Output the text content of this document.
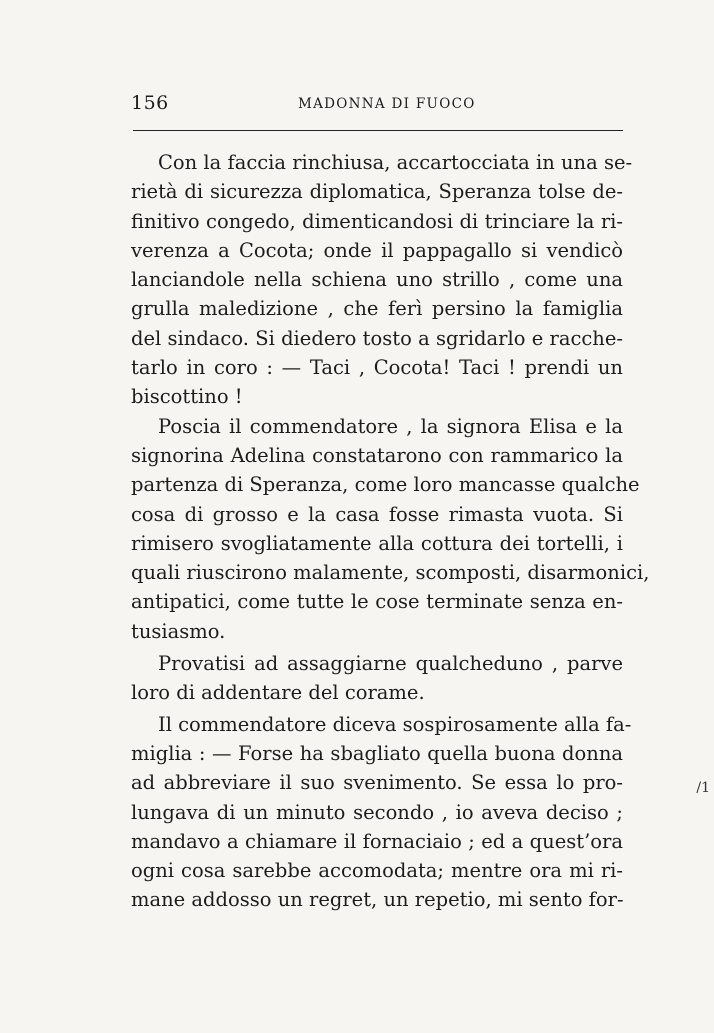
156	MADONNA DI FUOCO
Con la faccia rinchiusa, accartocciata in una se-
rietà di sicurezza diplomatica, Speranza tolse de-
finitivo congedo, dimenticandosi di trinciare la ri-
verenza a Cocota; onde il pappagallo si vendicò
lanciandole nella schiena uno strillo , come una
grulla maledizione , che ferì persino la famiglia
del sindaco. Si diedero tosto a sgridarlo e racche-
tarlo in coro : — Taci , Cocota! Taci ! prendi un
biscottino !
Poscia il commendatore , la signora Elisa e la
signorina Adelina constatarono con rammarico la
partenza di Speranza, come loro mancasse qualche
cosa di grosso e la casa fosse rimasta vuota. Si
rimisero svogliatamente alla cottura dei tortelli, i
quali riuscirono malamente, scomposti, disarmonici,
antipatici, come tutte le cose terminate senza en-
tusiasmo.
Provatisi ad assaggiarne qualcheduno , parve
loro di addentare del corame.
Il commendatore diceva sospirosamente alla fa-
miglia : — Forse ha sbagliato quella buona donna
ad abbreviare il suo svenimento. Se essa lo pro-
lungava di un minuto secondo , io aveva deciso ;
mandavo a chiamare il fornaciaio ; ed a quest’ora
ogni cosa sarebbe accomodata; mentre ora mi ri-
mane addosso un regret, un repetio, mi sento for-
/1
